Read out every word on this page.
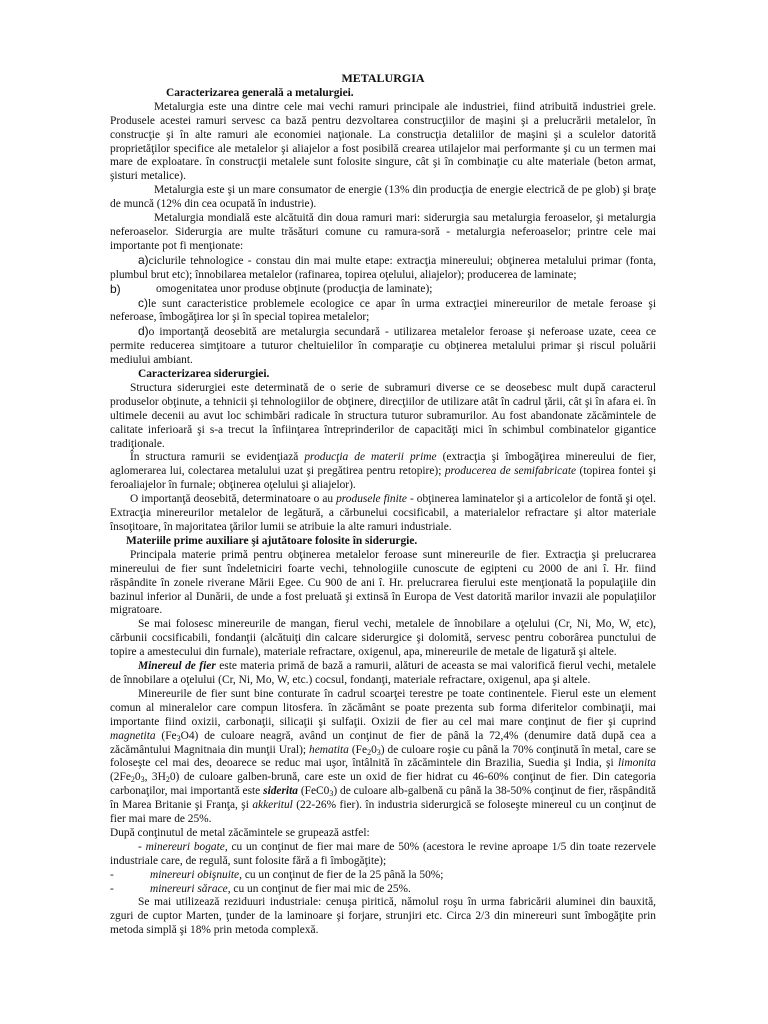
METALURGIA
Caracterizarea generală a metalurgiei.

Metalurgia este una dintre cele mai vechi ramuri principale ale industriei, fiind atribuită industriei grele. Produsele acestei ramuri servesc ca bază pentru dezvoltarea construcţiilor de maşini şi a prelucrării metalelor, în construcţie şi în alte ramuri ale economiei naţionale. La construcţia detaliilor de maşini şi a sculelor datorită proprietăţilor specifice ale metalelor şi aliajelor a fost posibilă crearea utilajelor mai performante şi cu un termen mai mare de exploatare. în construcţii metalele sunt folosite singure, cât şi în combinaţie cu alte materiale (beton armat, şisturi metalice).

Metalurgia este şi un mare consumator de energie (13% din producţia de energie electrică de pe glob) şi braţe de muncă (12% din cea ocupată în industrie).

Metalurgia mondială este alcătuită din doua ramuri mari: siderurgia sau metalurgia feroaselor, şi metalurgia neferoaselor. Siderurgia are multe trăsături comune cu ramura-soră - metalurgia neferoaselor; printre cele mai importante pot fi menţionate:

a)ciclurile tehnologice - constau din mai multe etape: extracţia minereului; obţinerea metalului primar (fonta, plumbul brut etc); înnobilarea metalelor (rafinarea, topirea oţelului, aliajelor); producerea de laminate;

b)	omogenitatea unor produse obţinute (producţia de laminate);

c)le sunt caracteristice problemele ecologice ce apar în urma extracţiei minereurilor de metale feroase şi neferoase, îmbogăţirea lor şi în special topirea metalelor;

d)o importanţă deosebită are metalurgia secundară - utilizarea metalelor feroase şi neferoase uzate, ceea ce permite reducerea simţitoare a tuturor cheltuielilor în comparaţie cu obţinerea metalului primar şi riscul poluării mediului ambiant.

Caracterizarea siderurgiei.

Structura siderurgiei este determinată de o serie de subramuri diverse ce se deosebesc mult după caracterul produselor obţinute, a tehnicii şi tehnologiilor de obţinere, direcţiilor de utilizare atât în cadrul ţării, cât şi în afara ei. în ultimele decenii au avut loc schimbări radicale în structura tuturor subramurilor. Au fost abandonate zăcămintele de calitate inferioară şi s-a trecut la înfiinţarea întreprinderilor de capacităţi mici în schimbul combinatelor gigantice tradiţionale.

În structura ramurii se evidenţiază producţia de materii prime (extracţia şi îmbogăţirea minereului de fier, aglomerarea lui, colectarea metalului uzat şi pregătirea pentru retopire); producerea de semifabricate (topirea fontei şi feroaliajelor în furnale; obţinerea oţelului şi aliajelor).

O importanţă deosebită, determinatoare o au produsele finite - obţinerea laminatelor şi a articolelor de fontă şi oţel. Extracţia minereurilor metalelor de legătură, a cărbunelui cocsificabil, a materialelor refractare şi altor materiale însoţitoare, în majoritatea ţărilor lumii se atribuie la alte ramuri industriale.

Materiile prime auxiliare şi ajutătoare folosite în siderurgie.

Principala materie primă pentru obţinerea metalelor feroase sunt minereurile de fier. Extracţia şi prelucrarea minereului de fier sunt îndeletniciri foarte vechi, tehnologiile cunoscute de egipteni cu 2000 de ani î. Hr. fiind răspândite în zonele riverane Mării Egee. Cu 900 de ani î. Hr. prelucrarea fierului este menţionată la populaţiile din bazinul inferior al Dunării, de unde a fost preluată şi extinsă în Europa de Vest datorită marilor invazii ale populaţiilor migratoare.

Se mai folosesc minereurile de mangan, fierul vechi, metalele de înnobilare a oţelului (Cr, Ni, Mo, W, etc), cărbunii cocsificabili, fondanţii (alcătuiţi din calcare siderurgice şi dolomită, servesc pentru coborârea punctului de topire a amestecului din furnale), materiale refractare, oxigenul, apa, minereurile de metale de ligatură şi altele.

Minereul de fier este materia primă de bază a ramurii, alături de aceasta se mai valorifică fierul vechi, metalele de înnobilare a oţelului (Cr, Ni, Mo, W, etc.) cocsul, fondanţi, materiale refractare, oxigenul, apa şi altele.

Minereurile de fier sunt bine conturate în cadrul scoarţei terestre pe toate continentele. Fierul este un element comun al mineralelor care compun litosfera. în zăcământ se poate prezenta sub forma diferitelor combinaţii, mai importante fiind oxizii, carbonaţii, silicaţii şi sulfaţii. Oxizii de fier au cel mai mare conţinut de fier şi cuprind magnetita $(Fe_3O4)$ de culoare neagră, având un conţinut de fier de până la 72,4% (denumire dată după cea a zăcământului Magnitnaia din munţii Ural); hematita $(Fe_20_3)$ de culoare roşie cu până la 70% conţinută în metal, care se foloseşte cel mai des, deoarece se reduc mai uşor, întâlnită în zăcămintele din Brazilia, Suedia şi India, şi limonita ($2Fe_20_3$, $3H_20$) de culoare galben-brună, care este un oxid de fier hidrat cu 46-60% conţinut de fier. Din categoria carbonaţilor, mai importantă este siderita $(FeC0_3)$ de culoare alb-galbenă cu până la 38-50% conţinut de fier, răspândită în Marea Britanie şi Franţa, şi akkeritul (22-26% fier). în industria siderurgică se foloseşte minereul cu un conţinut de fier mai mare de 25%.

După conţinutul de metal zăcămintele se grupează astfel:

- minereuri bogate, cu un conţinut de fier mai mare de 50% (acestora le revine aproape 1/5 din toate rezervele industriale care, de regulă, sunt folosite fără a fi îmbogăţite);

-	minereuri obişnuite, cu un conţinut de fier de la 25 până la 50%;
-	minereuri sărace, cu un conţinut de fier mai mic de 25%.

Se mai utilizează reziduuri industriale: cenuşa piritică, nămolul roşu în urma fabricării aluminei din bauxită, zguri de cuptor Marten, ţunder de la laminoare şi forjare, strunjiri etc. Circa 2/3 din minereuri sunt îmbogăţite prin metoda simplă şi 18% prin metoda complexă.
